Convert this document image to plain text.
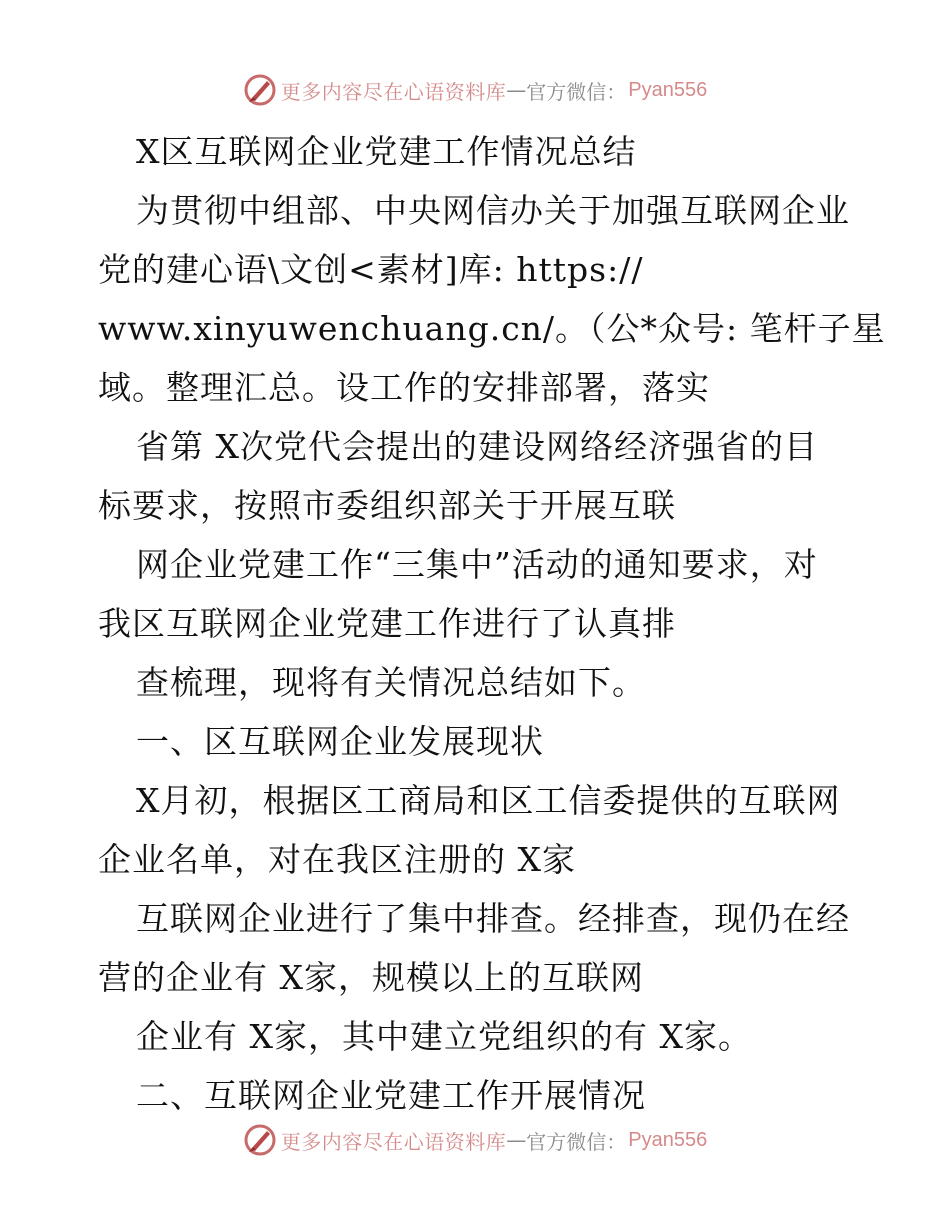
更多内容尽在心语资料库 — 官方微信： Pyan556
X区互联网企业党建工作情况总结
为贯彻中组部、中央网信办关于加强互联网企业
党的建心语\文创<素材]库: https://
www.xinyuwenchuang.cn/。（公*众号: 笔杆子星
域。整理汇总。设工作的安排部署，落实
省第 X次党代会提出的建设网络经济强省的目
标要求，按照市委组织部关于开展互联
网企业党建工作“三集中”活动的通知要求，对
我区互联网企业党建工作进行了认真排
查梳理，现将有关情况总结如下。
一、区互联网企业发展现状
X月初，根据区工商局和区工信委提供的互联网
企业名单，对在我区注册的 X家
互联网企业进行了集中排查。经排查，现仍在经
营的企业有 X家，规模以上的互联网
企业有 X家，其中建立党组织的有 X家。
二、互联网企业党建工作开展情况
更多内容尽在心语资料库 — 官方微信： Pyan556
